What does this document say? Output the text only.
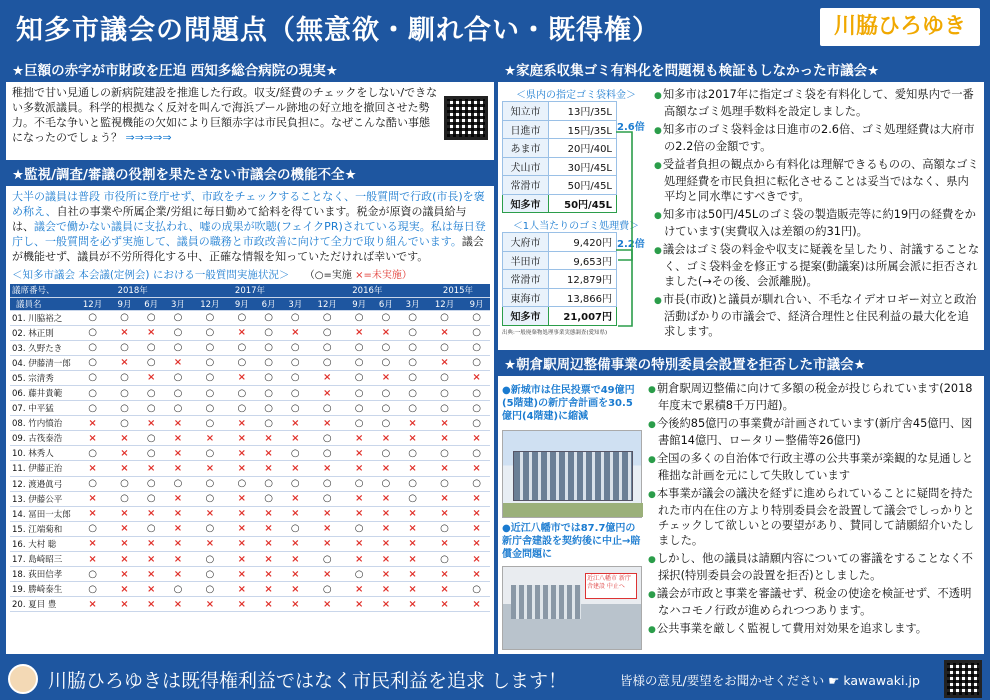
知多市議会の問題点（無意欲・馴れ合い・既得権）	川脇ひろゆき
★巨額の赤字が市財政を圧迫 西知多総合病院の現実★
稚拙で甘い見通しの新病院建設を推進した行政。収支/経費のチェックをしない/できない多数派議員。科学的根拠なく反対を叫んで海浜プール跡地の好立地を撤回させた勢力。不毛な争いと監視機能の欠如により巨額赤字は市民負担に。なぜこんな酷い事態になったのでしょう？ ⇒⇒⇒⇒⇒
★監視/調査/審議の役割を果たさない市議会の機能不全★
大半の議員は普段 市役所に登庁せず、市政をチェックすることなく、一般質問で行政(市長)を褒め称え、自社の事業や所属企業/労組に毎日勤めて給料を得ています。税金が原資の議員給与は、議会で働かない議員に支払われ、嘘の成果が吹聴(フェイクPR)されている現実。私は毎日登庁し、一般質問を必ず実施して、議員の職務と市政改善に向けて全力で取り組んでいます。議会が機能せず、議員が不労所得化する中、正確な情報を知っていただければ幸いです。
＜知多市議会 本会議(定例会) における一般質問実施状況＞ （○=実施 ×=未実施）
議席番号、	2018年				2017年				2016年				2015年	
議員名	12月	9月	6月	3月	12月	9月	6月	3月	12月	9月	6月	3月	12月	9月
01. 川脇裕之	○	○	○	○	○	○	○	○	○	○	○	○	○	○
02. 林正則	○	×	×	○	○	×	○	×	○	×	×	○	×	○
03. 久野たき	○	○	○	○	○	○	○	○	○	○	○	○	○	○
04. 伊藤清一郎	○	×	○	×	○	○	○	○	○	○	○	○	×	○
05. 宗清秀	○	○	×	○	○	×	○	○	×	○	×	○	○	×
06. 藤井貴範	○	○	○	○	○	○	○	○	×	○	○	○	○	○
07. 中平猛	○	○	○	○	○	○	○	○	○	○	○	○	○	○
08. 竹内憤治	×	○	×	×	○	×	○	×	×	○	○	×	×	○
09. 古筏泰浩	×	×	○	×	×	×	×	×	○	×	×	×	×	×
10. 林秀人	○	×	○	×	○	×	×	○	○	×	○	○	○	○
11. 伊藤正治	×	×	×	×	×	×	×	×	×	×	×	×	×	×
12. 渡邉眞弓	○	○	○	○	○	○	○	○	○	○	○	○	○	○
13. 伊藤公平	×	○	○	×	○	×	○	×	○	×	×	○	×	×
14. 冨田一太郎	×	×	×	×	×	×	×	×	×	×	×	×	×	×
15. 江端菊和	○	×	○	×	○	×	×	○	×	○	×	×	○	×
16. 大村 聡	×	×	×	×	×	×	×	×	×	×	×	×	×	×
17. 島崎昭三	×	×	×	×	○	×	×	×	○	×	×	×	○	×
18. 荻田信孝	○	×	×	×	○	×	×	×	×	○	×	×	×	×
19. 勝崎泰生	○	×	×	○	○	×	×	×	○	×	×	×	×	○
20. 夏目 豊	×	×	×	×	×	×	×	×	×	×	×	×	×	×
★家庭系収集ゴミ有料化を問題視も検証もしなかった市議会★
＜県内の指定ゴミ袋料金＞
知立市	13円/35L
日進市	15円/35L
あま市	20円/40L
犬山市	30円/45L
常滑市	50円/45L
知多市	50円/45L
＜1人当たりのゴミ処理費＞
大府市	9,420円
半田市	9,653円
常滑市	12,879円
東海市	13,866円
知多市	21,007円
出典:一般廃棄物処理事業実態調査(愛知県)
2.6倍
2.2倍
● 知多市は2017年に指定ゴミ袋を有料化して、愛知県内で一番高額なゴミ処理手数料を設定しました。
● 知多市のゴミ袋料金は日進市の2.6倍、ゴミ処理経費は大府市の2.2倍の金額です。
● 受益者負担の観点から有料化は理解できるものの、高額なゴミ処理経費を市民負担に転化させることは妥当ではなく、県内平均と同水準にすべきです。
● 知多市は50円/45Lのゴミ袋の製造販売等に約19円の経費をかけています(実費収入は差額の約31円)。
● 議会はゴミ袋の料金や収支に疑義を呈したり、討議することなく、ゴミ袋料金を修正する提案(動議案)は所属会派に拒否されました(→その後、会派離脱)。
● 市長(市政)と議員が馴れ合い、不毛なイデオロギー対立と政治活動ばかりの市議会で、経済合理性と住民利益の最大化を追求します。
★朝倉駅周辺整備事業の特別委員会設置を拒否した市議会★
●新城市は住民投票で49億円(5階建)の新庁舎計画を30.5億円(4階建)に縮減
●近江八幡市では87.7億円の新庁舎建設を契約後に中止→賠償金問題に
近江八幡市 新庁舎建設 中止へ
● 朝倉駅周辺整備に向けて多額の税金が投じられています(2018年度末で累積8千万円超)。
● 今後約85億円の事業費が計画されています(新庁舎45億円、図書館14億円、ロータリー整備等26億円)
● 全国の多くの自治体で行政主導の公共事業が楽観的な見通しと稚拙な計画を元にして失敗しています
● 本事業が議会の議決を経ずに進められていることに疑問を持たれた市内在住の方より特別委員会を設置して議会でしっかりとチェックして欲しいとの要望があり、賛同して請願紹介いたしました。
● しかし、他の議員は請願内容についての審議をすることなく不採択(特別委員会の設置を拒否)としました。
● 議会が市政と事業を審議せず、税金の使途を検証せず、不透明なハコモノ行政が進められつつあります。
● 公共事業を厳しく監視して費用対効果を追求します。
川脇ひろゆきは既得権利益ではなく市民利益を追求 します！	皆様の意見/要望をお聞かせください ☛ kawawaki.jp
